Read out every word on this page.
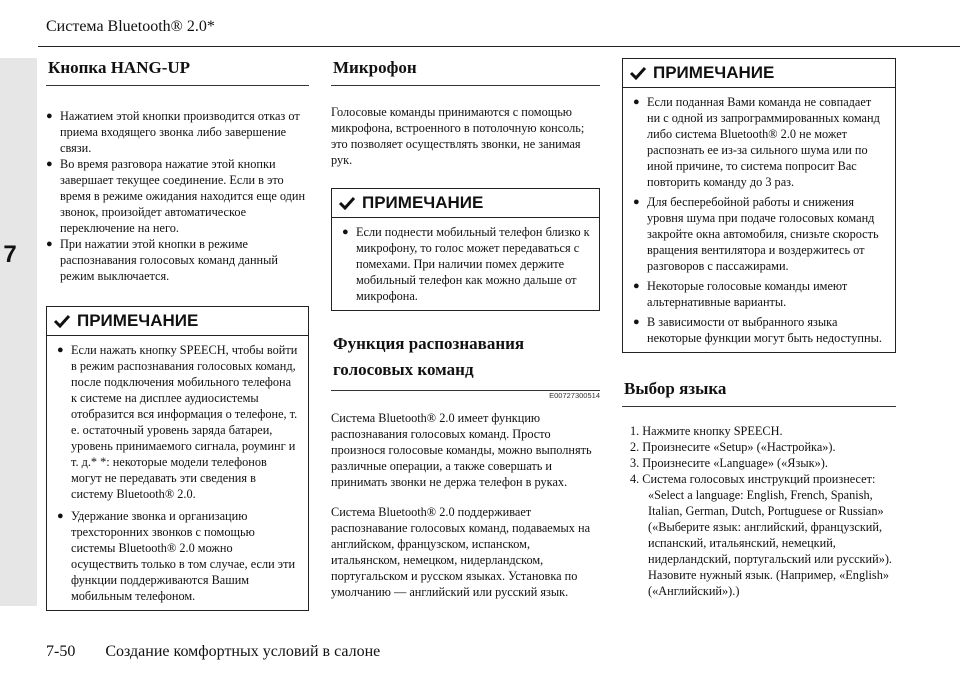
7
Система Bluetooth® 2.0*
Кнопка HANG-UP
● Нажатием этой кнопки производится отказ от приема входящего звонка либо завершение связи.
● Во время разговора нажатие этой кнопки завершает текущее соединение. Если в это время в режиме ожидания находится еще один звонок, произойдет автоматическое переключение на него.
● При нажатии этой кнопки в режиме распознавания голосовых команд данный режим выключается.
ПРИМЕЧАНИЕ
● Если нажать кнопку SPEECH, чтобы войти в режим распознавания голосовых команд, после подключения мобильного телефона к системе на дисплее аудиосистемы отобразится вся информация о телефоне, т. е. остаточный уровень заряда батареи, уровень принимаемого сигнала, роуминг и т. д.* *: некоторые модели телефонов могут не передавать эти сведения в систему Bluetooth® 2.0.
● Удержание звонка и организацию трехсторонних звонков с помощью системы Bluetooth® 2.0 можно осуществить только в том случае, если эти функции поддерживаются Вашим мобильным телефоном.
Микрофон

Голосовые команды принимаются с помощью микрофона, встроенного в потолочную консоль; это позволяет осуществлять звонки, не занимая рук.

ПРИМЕЧАНИЕ
● Если поднести мобильный телефон близко к микрофону, то голос может передаваться с помехами. При наличии помех держите мобильный телефон как можно дальше от микрофона.
Функция распознавания голосовых команд
E00727300514

Система Bluetooth® 2.0 имеет функцию распознавания голосовых команд. Просто произнося голосовые команды, можно выполнять различные операции, а также совершать и принимать звонки не держа телефон в руках.

Система Bluetooth® 2.0 поддерживает распознавание голосовых команд, подаваемых на английском, французском, испанском, итальянском, немецком, нидерландском, португальском и русском языках. Установка по умолчанию — английский или русский язык.

ПРИМЕЧАНИЕ
● Если поданная Вами команда не совпадает ни с одной из запрограммированных команд либо система Bluetooth® 2.0 не может распознать ее из-за сильного шума или по иной причине, то система попросит Вас повторить команду до 3 раз.
● Для бесперебойной работы и снижения уровня шума при подаче голосовых команд закройте окна автомобиля, снизьте скорость вращения вентилятора и воздержитесь от разговоров с пассажирами.
● Некоторые голосовые команды имеют альтернативные варианты.
● В зависимости от выбранного языка некоторые функции могут быть недоступны.
Выбор языка
1. Нажмите кнопку SPEECH.
2. Произнесите «Setup» («Настройка»).
3. Произнесите «Language» («Язык»).
4. Система голосовых инструкций произнесет: «Select a language: English, French, Spanish, Italian, German, Dutch, Portuguese or Russian» («Выберите язык: английский, французский, испанский, итальянский, немецкий, нидерландский, португальский или русский»). Назовите нужный язык. (Например, «English» («Английский»).)
7-50 Создание комфортных условий в салоне
